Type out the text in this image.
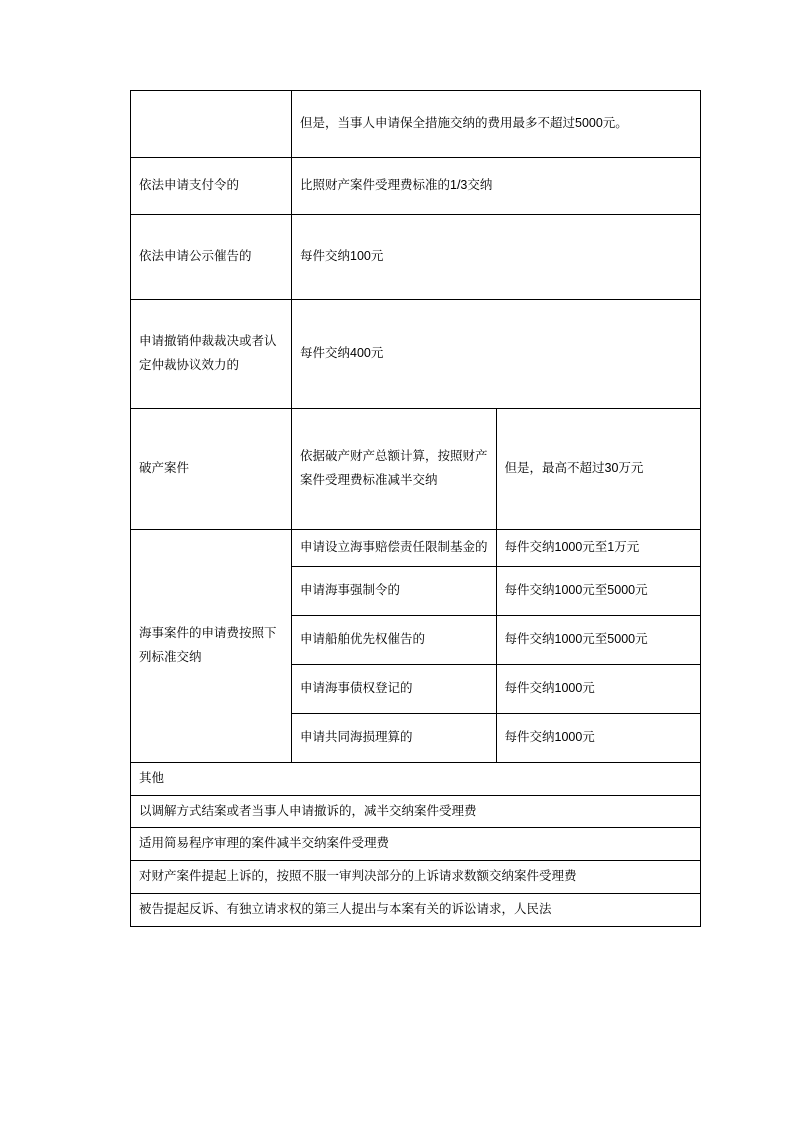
	但是，当事人申请保全措施交纳的费用最多不超过5000元。	
依法申请支付令的	比照财产案件受理费标准的1/3交纳	
依法申请公示催告的	每件交纳100元	
申请撤销仲裁裁决或者认定仲裁协议效力的	每件交纳400元	
破产案件	依据破产财产总额计算，按照财产案件受理费标准减半交纳	但是，最高不超过30万元
海事案件的申请费按照下列标准交纳	申请设立海事赔偿责任限制基金的	每件交纳1000元至1万元
	申请海事强制令的	每件交纳1000元至5000元
	申请船舶优先权催告的	每件交纳1000元至5000元
	申请海事债权登记的	每件交纳1000元
	申请共同海损理算的	每件交纳1000元
其他		
以调解方式结案或者当事人申请撤诉的，减半交纳案件受理费		
适用简易程序审理的案件减半交纳案件受理费		
对财产案件提起上诉的，按照不服一审判决部分的上诉请求数额交纳案件受理费		
被告提起反诉、有独立请求权的第三人提出与本案有关的诉讼请求，人民法		
